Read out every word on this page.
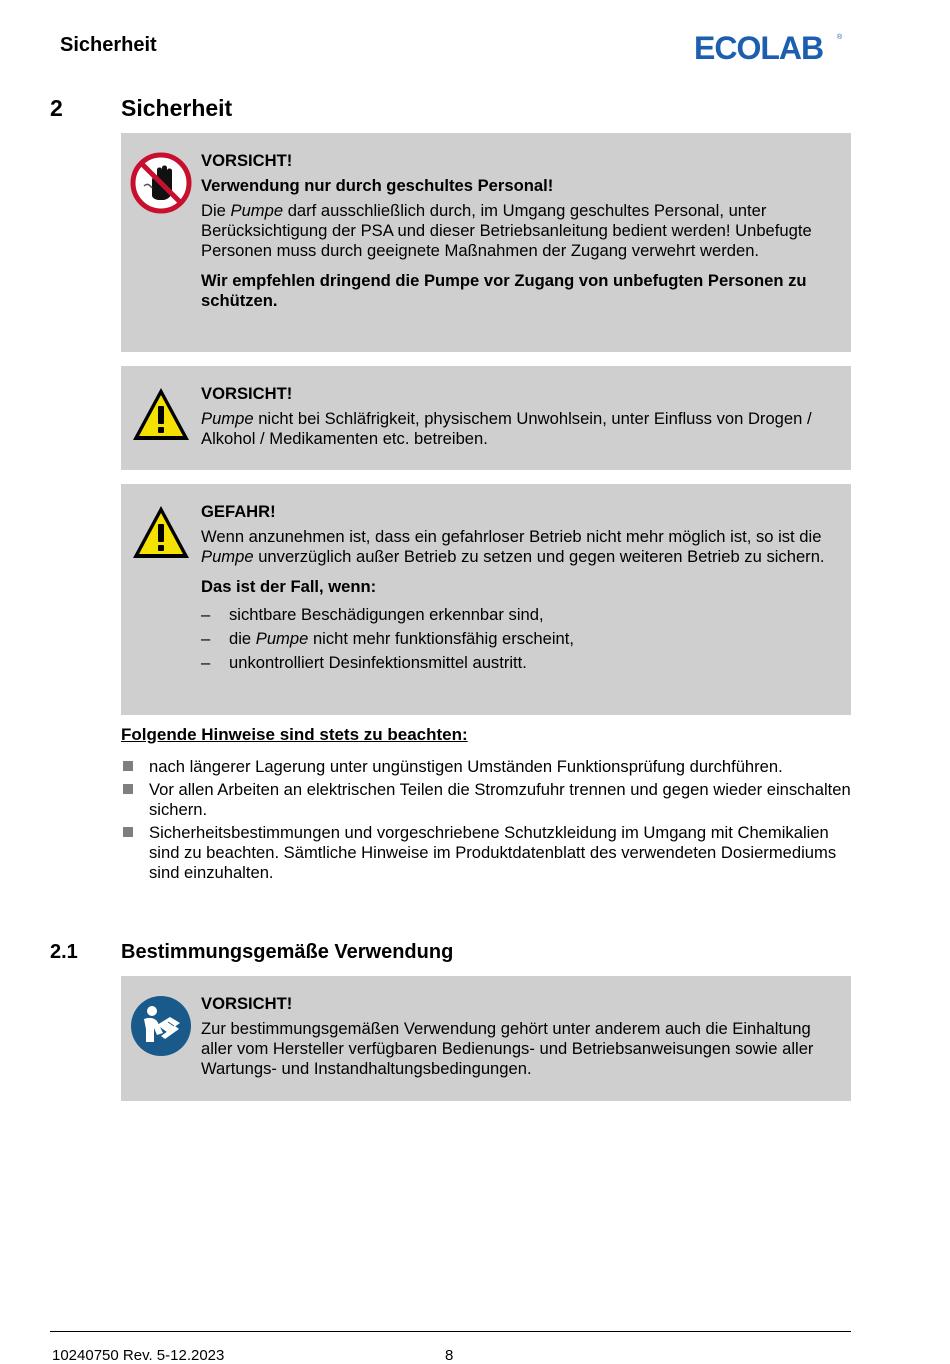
Sicherheit	ECOLAB ®
2	Sicherheit

VORSICHT!

Verwendung nur durch geschultes Personal!

Die Pumpe darf ausschließlich durch, im Umgang geschultes Personal, unter Berücksichtigung der PSA und dieser Betriebsanleitung bedient werden! Unbefugte Personen muss durch geeignete Maßnahmen der Zugang verwehrt werden.

Wir empfehlen dringend die Pumpe vor Zugang von unbefugten Personen zu schützen.

VORSICHT!

Pumpe nicht bei Schläfrigkeit, physischem Unwohlsein, unter Einfluss von Drogen / Alkohol / Medikamenten etc. betreiben.

GEFAHR!

Wenn anzunehmen ist, dass ein gefahrloser Betrieb nicht mehr möglich ist, so ist die Pumpe unverzüglich außer Betrieb zu setzen und gegen weiteren Betrieb zu sichern.

Das ist der Fall, wenn:

– sichtbare Beschädigungen erkennbar sind,
– die Pumpe nicht mehr funktionsfähig erscheint,
– unkontrolliert Desinfektionsmittel austritt.
Folgende Hinweise sind stets zu beachten:
nach längerer Lagerung unter ungünstigen Umständen Funktionsprüfung durchführen.
Vor allen Arbeiten an elektrischen Teilen die Stromzufuhr trennen und gegen wieder einschalten sichern.
Sicherheitsbestimmungen und vorgeschriebene Schutzkleidung im Umgang mit Chemikalien sind zu beachten. Sämtliche Hinweise im Produktdatenblatt des verwendeten Dosiermediums sind einzuhalten.
2.1 Bestimmungsgemäße Verwendung

VORSICHT!

Zur bestimmungsgemäßen Verwendung gehört unter anderem auch die Einhaltung aller vom Hersteller verfügbaren Bedienungs- und Betriebsanweisungen sowie aller Wartungs- und Instandhaltungsbedingungen.

10240750 Rev. 5-12.2023	8
